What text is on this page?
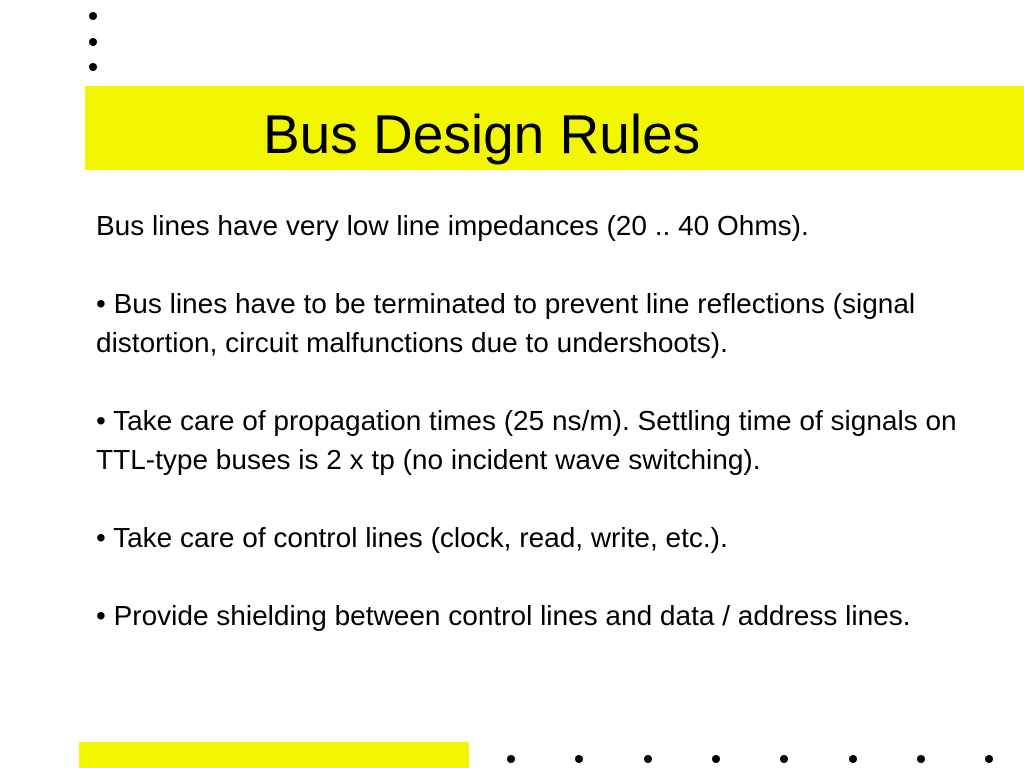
Bus Design Rules

Bus lines have very low line impedances (20 .. 40 Ohms).

• Bus lines have to be terminated to prevent line reflections (signal distortion, circuit malfunctions due to undershoots).

• Take care of propagation times (25 ns/m). Settling time of signals on TTL-type buses is 2 x tp (no incident wave switching).

• Take care of control lines (clock, read, write, etc.).

• Provide shielding between control lines and data / address lines.
